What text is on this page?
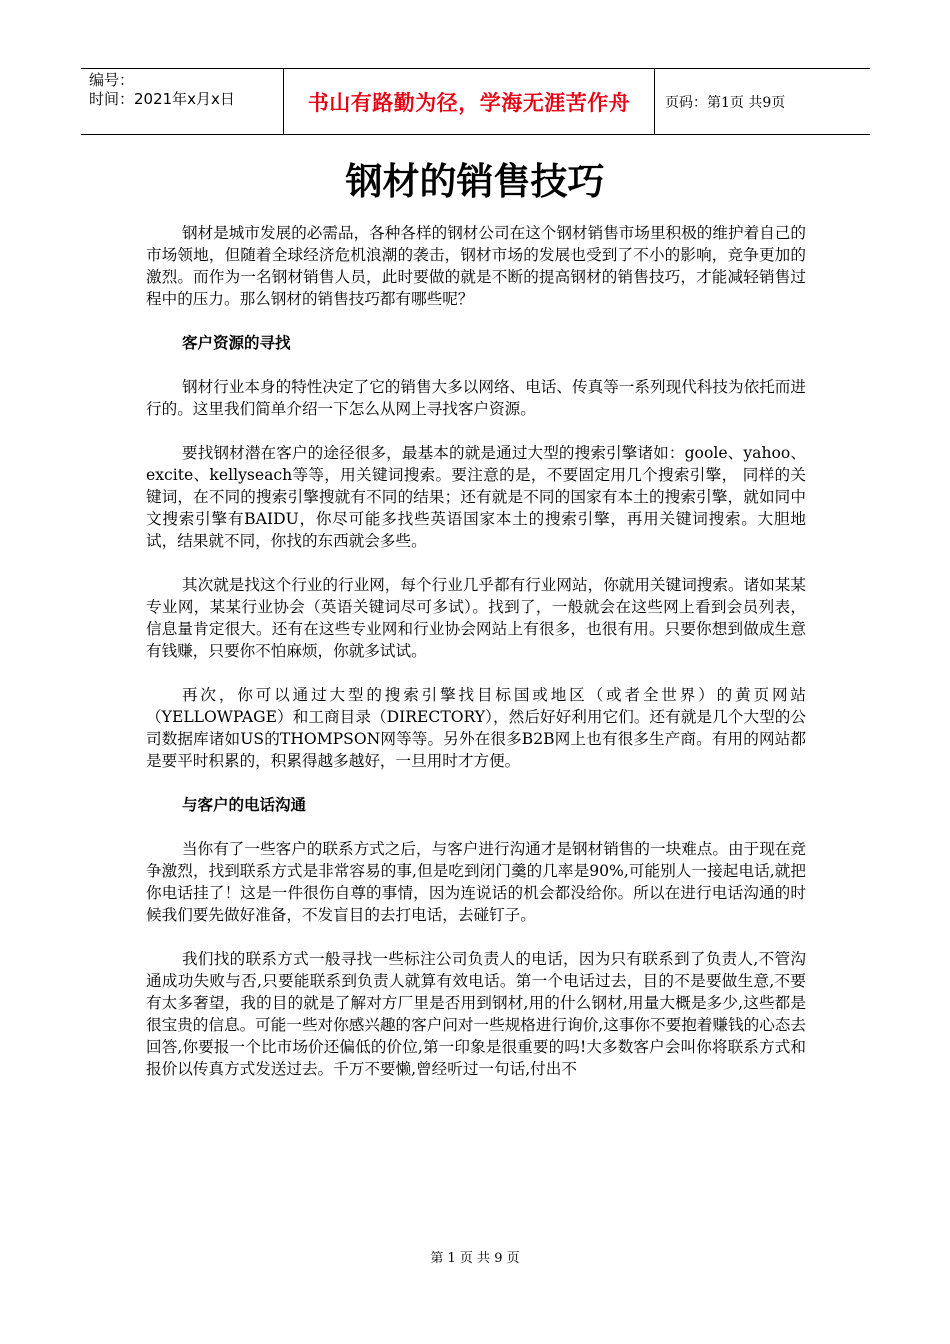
编号：
时间：2021年x月x日	书山有路勤为径，学海无涯苦作舟 页码：第1页 共9页
钢材的销售技巧

钢材是城市发展的必需品，各种各样的钢材公司在这个钢材销售市场里积极的维护着自己的市场领地，但随着全球经济危机浪潮的袭击，钢材市场的发展也受到了不小的影响，竞争更加的激烈。而作为一名钢材销售人员，此时要做的就是不断的提高钢材的销售技巧，才能减轻销售过程中的压力。那么钢材的销售技巧都有哪些呢？

客户资源的寻找

钢材行业本身的特性决定了它的销售大多以网络、电话、传真等一系列现代科技为依托而进行的。这里我们简单介绍一下怎么从网上寻找客户资源。

要找钢材潜在客户的途径很多，最基本的就是通过大型的搜索引擎诸如：goole、yahoo、excite、kellyseach等等，用关键词搜索。要注意的是，不要固定用几个搜索引擎， 同样的关键词，在不同的搜索引擎搜就有不同的结果；还有就是不同的国家有本土的搜索引擎，就如同中文搜索引擎有BAIDU，你尽可能多找些英语国家本土的搜索引擎，再用关键词搜索。大胆地试，结果就不同，你找的东西就会多些。

其次就是找这个行业的行业网，每个行业几乎都有行业网站，你就用关键词搜索。诸如某某专业网，某某行业协会（英语关键词尽可多试）。找到了，一般就会在这些网上看到会员列表，信息量肯定很大。还有在这些专业网和行业协会网站上有很多，也很有用。只要你想到做成生意有钱赚，只要你不怕麻烦，你就多试试。

再次，你可以通过大型的搜索引擎找目标国或地区（或者全世界）的黄页网站（YELLOWPAGE）和工商目录（DIRECTORY），然后好好利用它们。还有就是几个大型的公司数据库诸如US的THOMPSON网等等。另外在很多B2B网上也有很多生产商。有用的网站都是要平时积累的，积累得越多越好，一旦用时才方便。

与客户的电话沟通

当你有了一些客户的联系方式之后，与客户进行沟通才是钢材销售的一块难点。由于现在竞争激烈，找到联系方式是非常容易的事,但是吃到闭门羹的几率是90%,可能别人一接起电话,就把你电话挂了！这是一件很伤自尊的事情，因为连说话的机会都没给你。所以在进行电话沟通的时候我们要先做好准备，不发盲目的去打电话，去碰钉子。

我们找的联系方式一般寻找一些标注公司负责人的电话，因为只有联系到了负责人,不管沟通成功失败与否,只要能联系到负责人就算有效电话。第一个电话过去，目的不是要做生意,不要有太多奢望，我的目的就是了解对方厂里是否用到钢材,用的什么钢材,用量大概是多少,这些都是很宝贵的信息。可能一些对你感兴趣的客户问对一些规格进行询价,这事你不要抱着赚钱的心态去回答,你要报一个比市场价还偏低的价位,第一印象是很重要的吗!大多数客户会叫你将联系方式和报价以传真方式发送过去。千万不要懒,曾经听过一句话,付出不

第 1 页 共 9 页
